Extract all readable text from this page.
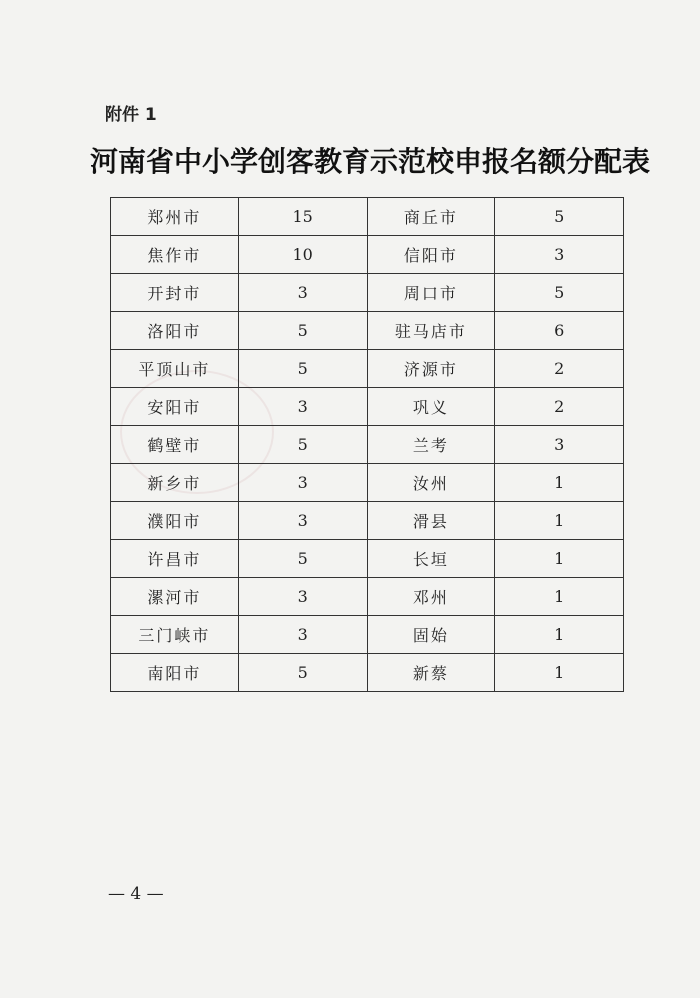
附件 1
河南省中小学创客教育示范校申报名额分配表
郑州市	15	商丘市	5
焦作市	10	信阳市	3
开封市	3	周口市	5
洛阳市	5	驻马店市	6
平顶山市	5	济源市	2
安阳市	3	巩义	2
鹤壁市	5	兰考	3
新乡市	3	汝州	1
濮阳市	3	滑县	1
许昌市	5	长垣	1
漯河市	3	邓州	1
三门峡市	3	固始	1
南阳市	5	新蔡	1
— 4 —
